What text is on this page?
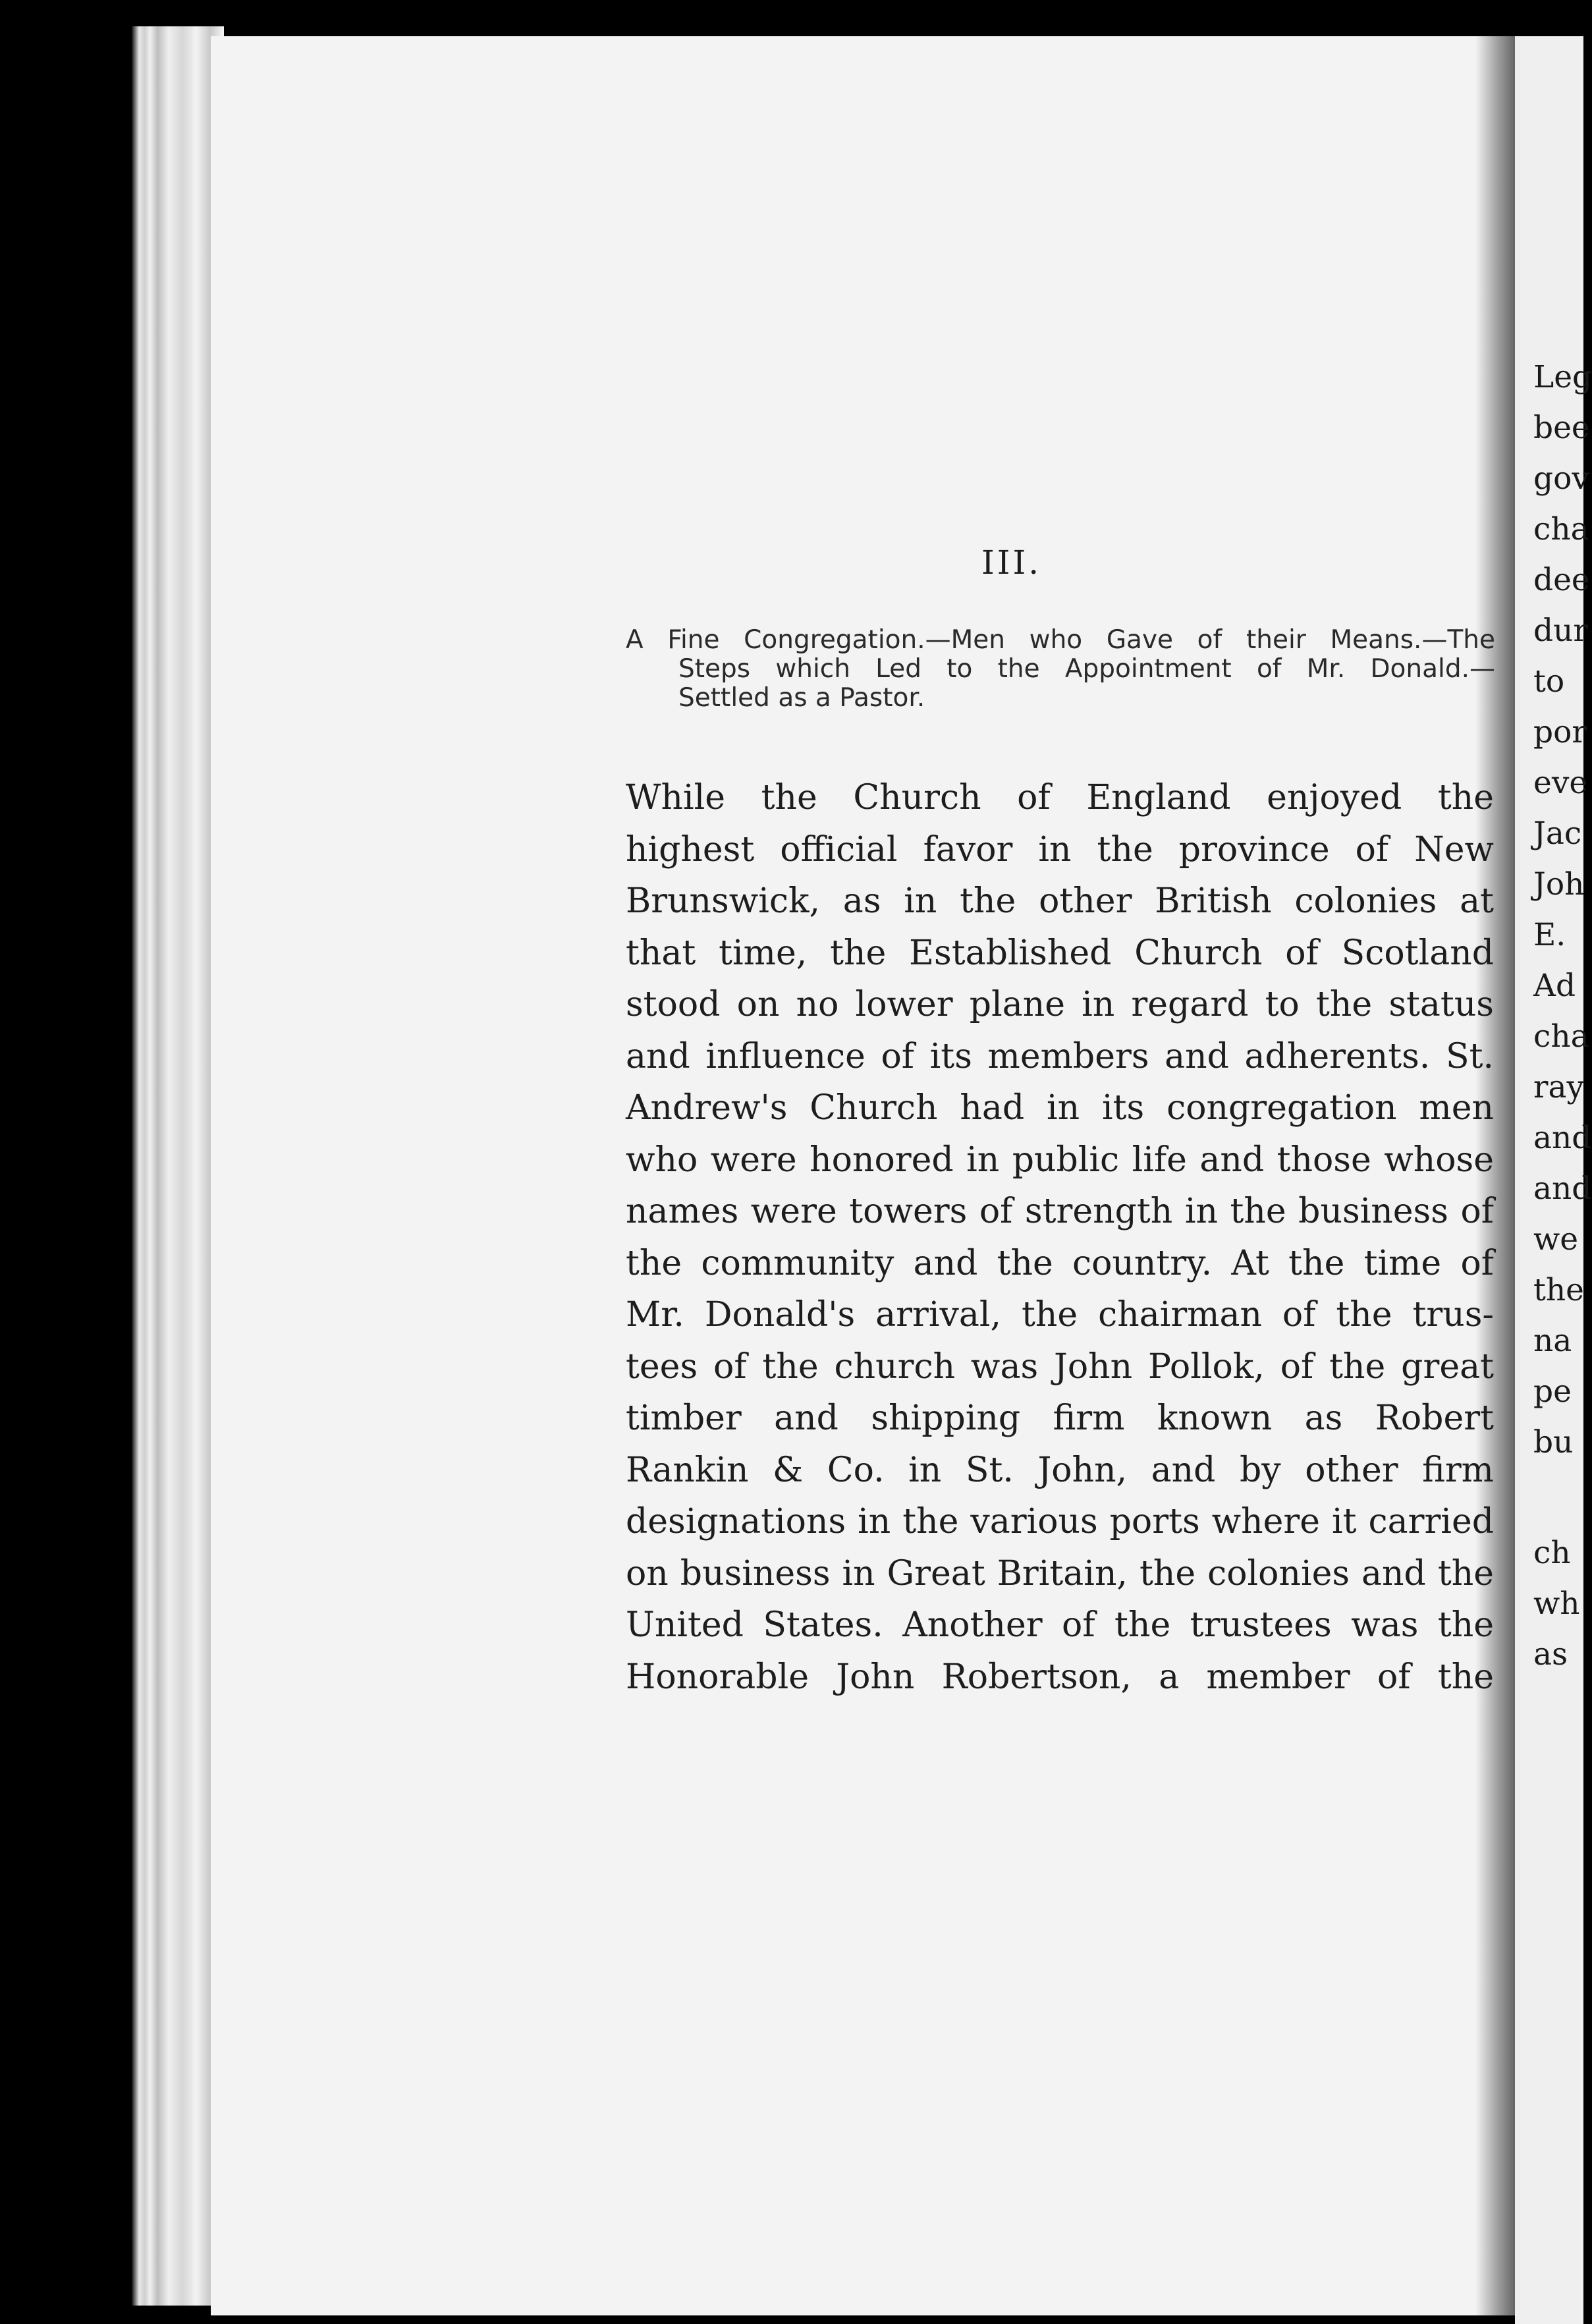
Leg
bee
gov
cha
dee
dur
to
por
eve
Jac
Joh
E.
Ad
cha
ray
and
and
we
the
na
pe
bu
ch
wh
as
III.
A Fine Congregation.—Men who Gave of their Means.—The
Steps which Led to the Appointment of Mr. Donald.—
Settled as a Pastor.
While the Church of England enjoyed the
highest official favor in the province of New
Brunswick, as in the other British colonies at
that time, the Established Church of Scotland
stood on no lower plane in regard to the status
and influence of its members and adherents. St.
Andrew's Church had in its congregation men
who were honored in public life and those whose
names were towers of strength in the business of
the community and the country. At the time of
Mr. Donald's arrival, the chairman of the trus-
tees of the church was John Pollok, of the great
timber and shipping firm known as Robert
Rankin & Co. in St. John, and by other firm
designations in the various ports where it carried
on business in Great Britain, the colonies and the
United States. Another of the trustees was the
Honorable John Robertson, a member of the
